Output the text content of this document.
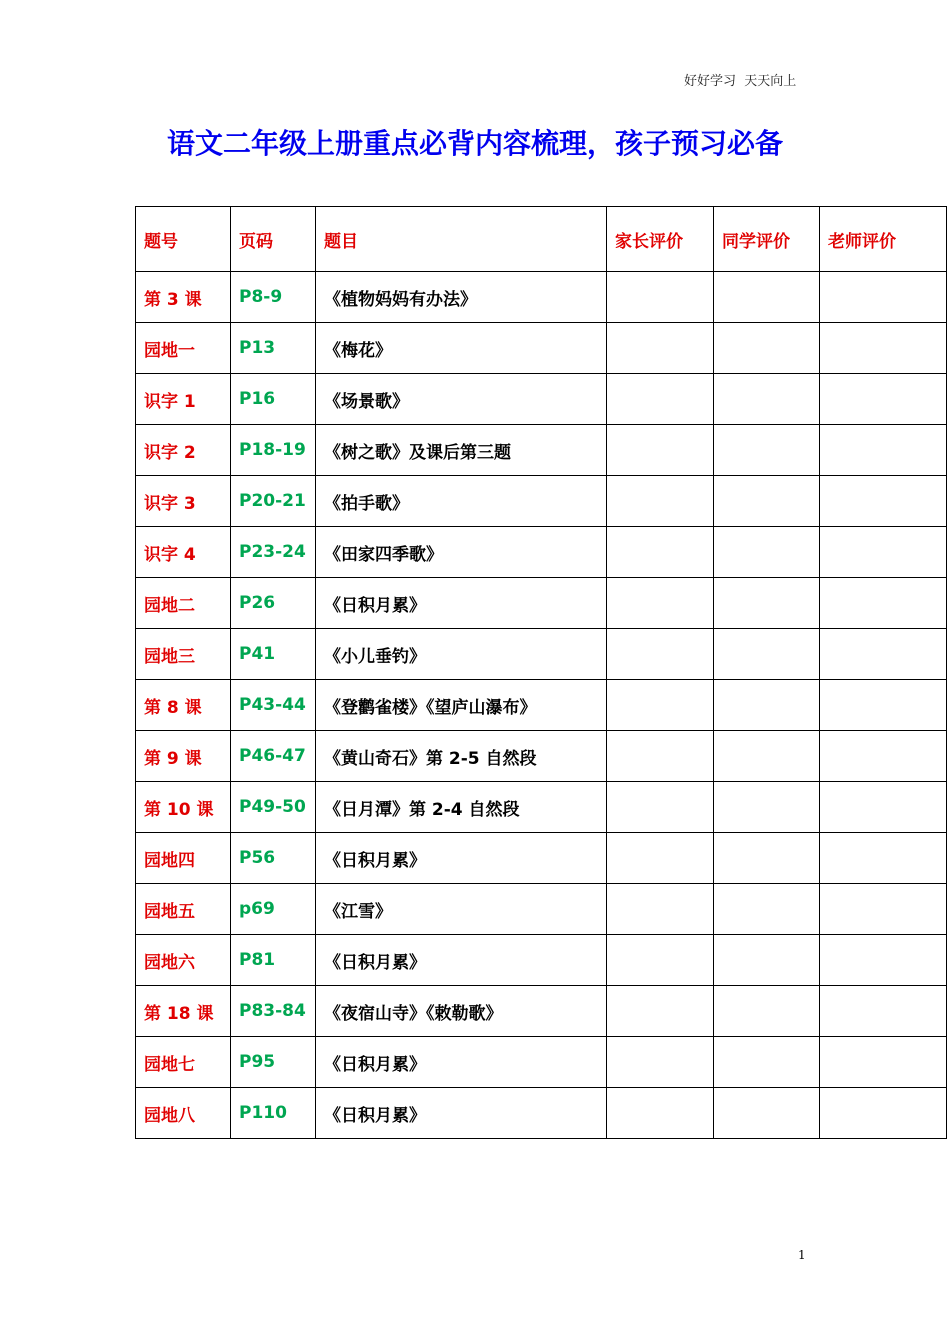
好好学习  天天向上
语文二年级上册重点必背内容梳理，孩子预习必备
题号	页码	题目	家长评价	同学评价	老师评价
第 3 课	P8-9	《植物妈妈有办法》			
园地一	P13	《梅花》			
识字 1	P16	《场景歌》			
识字 2	P18-19	《树之歌》及课后第三题			
识字 3	P20-21	《拍手歌》			
识字 4	P23-24	《田家四季歌》			
园地二	P26	《日积月累》			
园地三	P41	《小儿垂钓》			
第 8 课	P43-44	《登鹳雀楼》《望庐山瀑布》			
第 9 课	P46-47	《黄山奇石》第 2-5 自然段			
第 10 课	P49-50	《日月潭》第 2-4 自然段			
园地四	P56	《日积月累》			
园地五	p69	《江雪》			
园地六	P81	《日积月累》			
第 18 课	P83-84	《夜宿山寺》《敕勒歌》			
园地七	P95	《日积月累》			
园地八	P110	《日积月累》			
1
